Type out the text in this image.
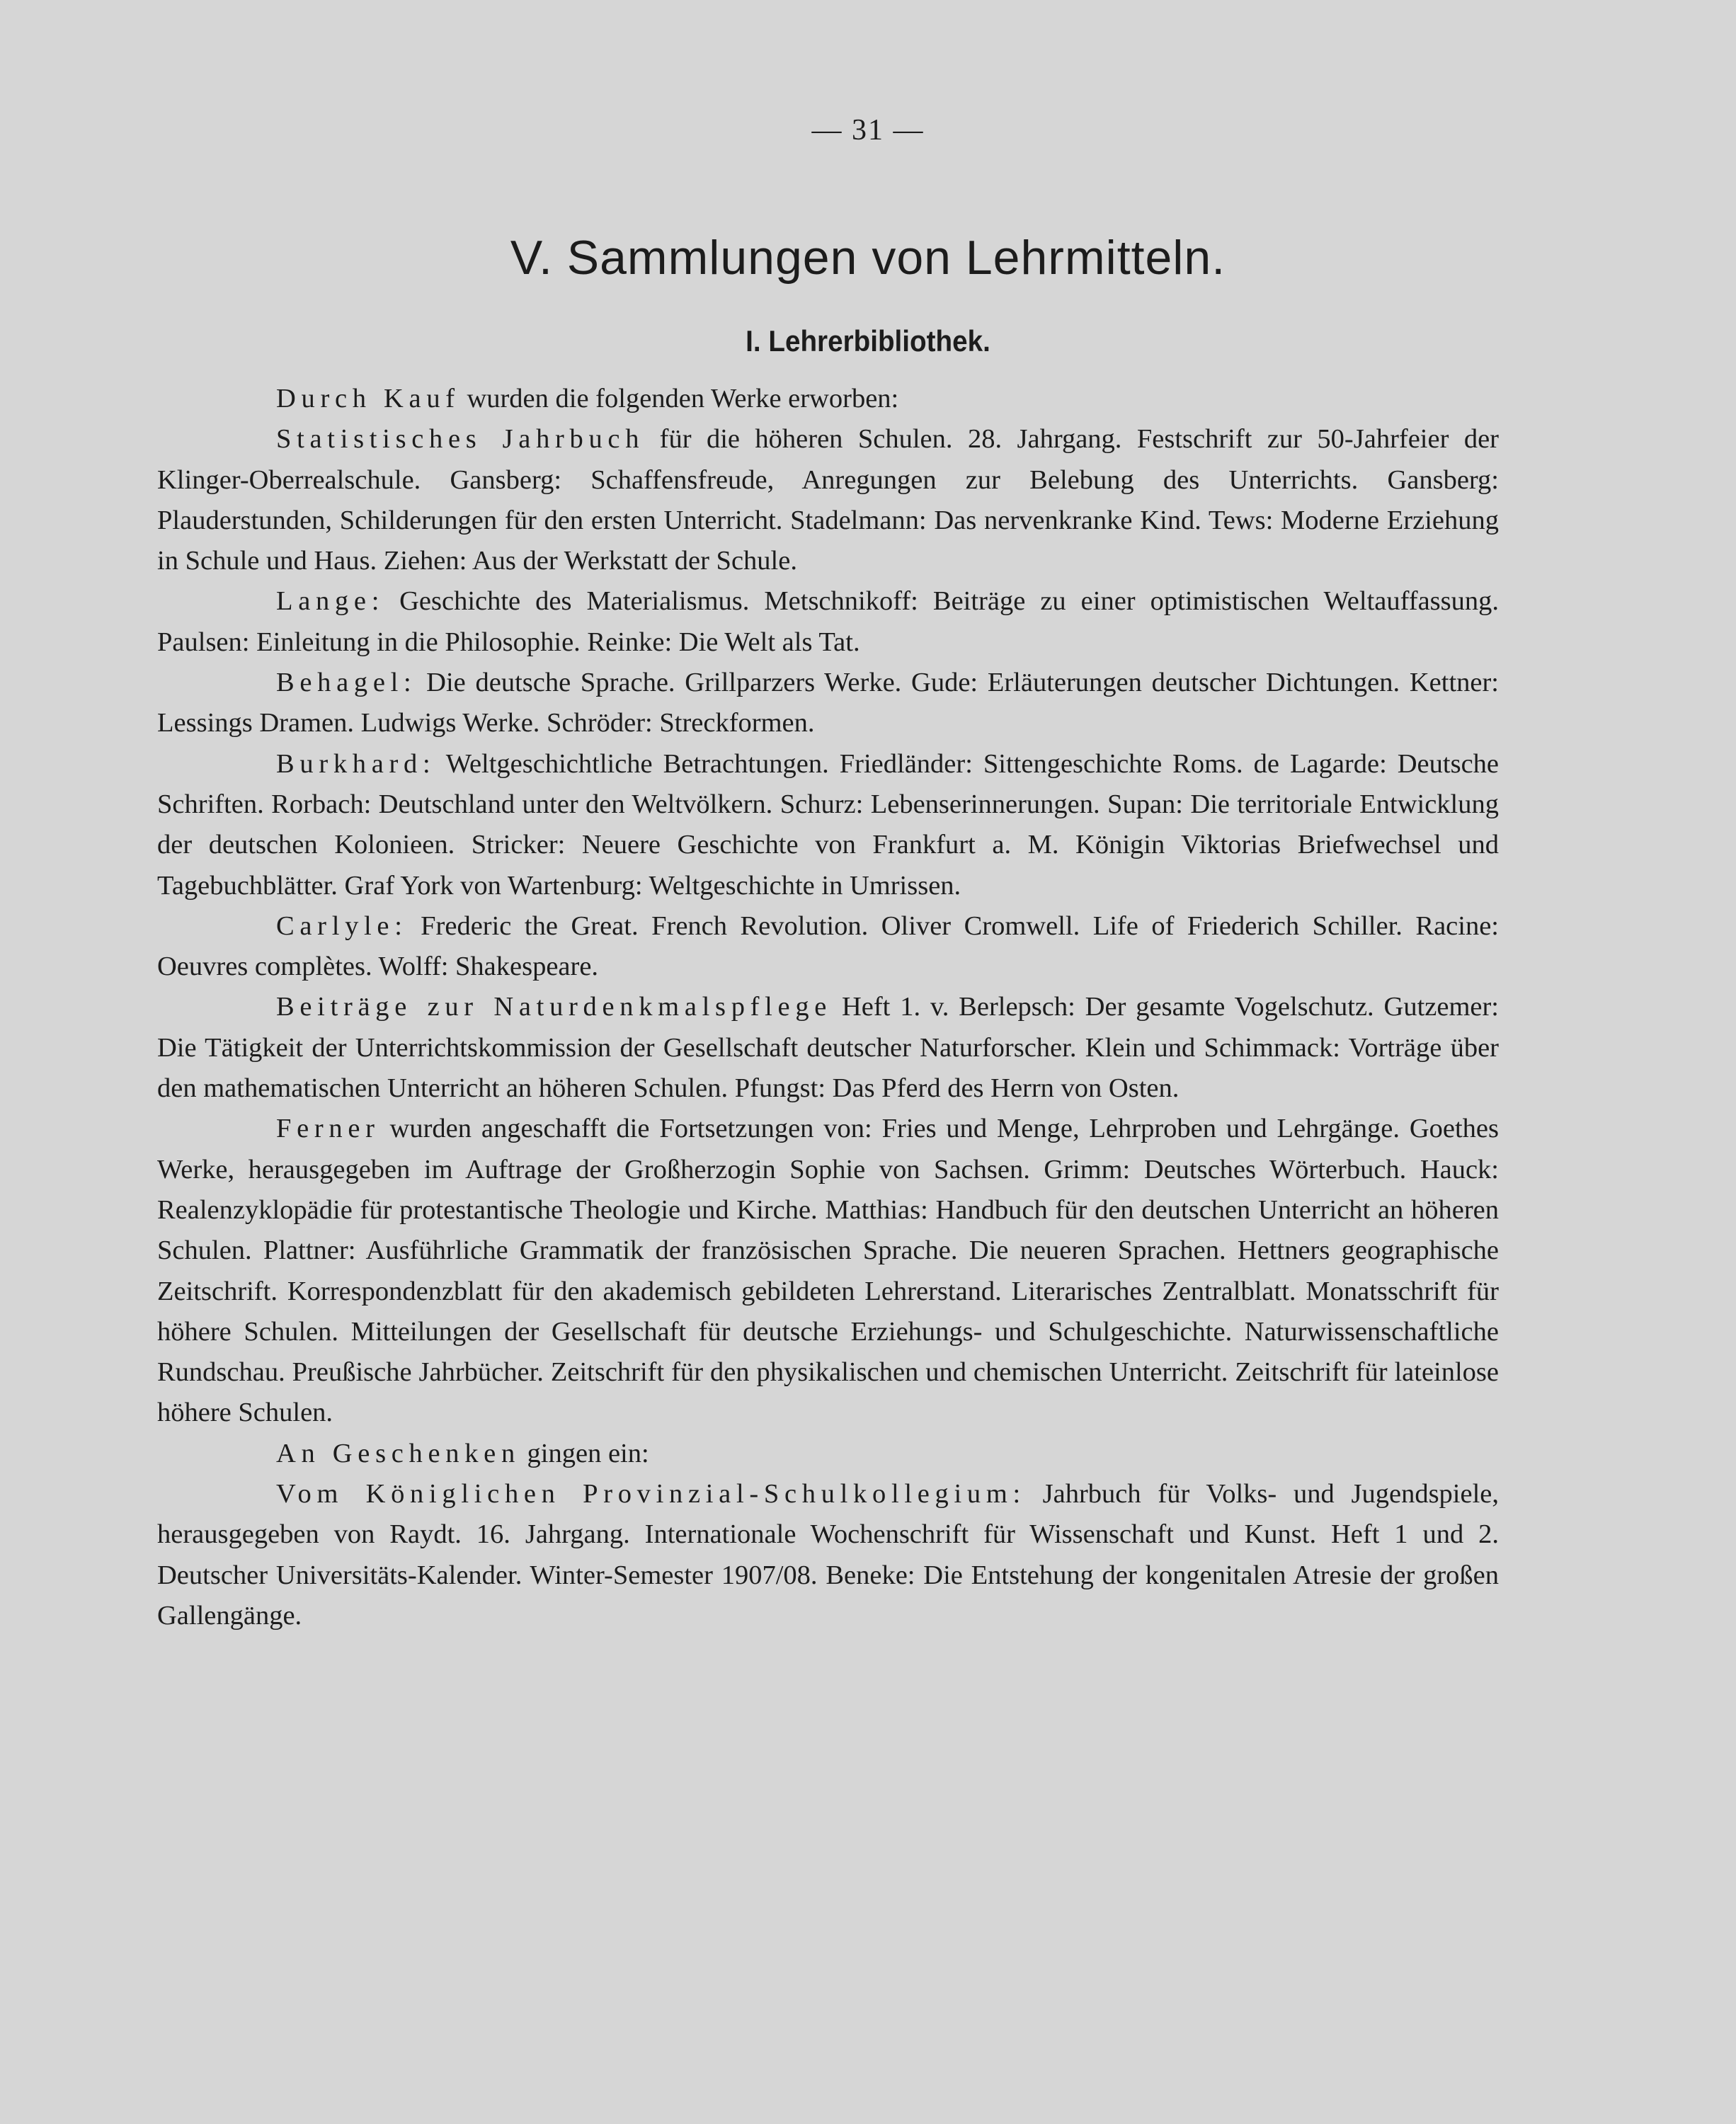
— 31 —
V. Sammlungen von Lehrmitteln.
I. Lehrerbibliothek.

Durch Kauf wurden die folgenden Werke erworben:

Statistisches Jahrbuch für die höheren Schulen. 28. Jahrgang. Festschrift zur 50-Jahrfeier der Klinger-Oberrealschule. Gansberg: Schaffensfreude, Anregungen zur Belebung des Unterrichts. Gansberg: Plauderstunden, Schilderungen für den ersten Unterricht. Stadelmann: Das nervenkranke Kind. Tews: Moderne Erziehung in Schule und Haus. Ziehen: Aus der Werkstatt der Schule.

Lange: Geschichte des Materialismus. Metschnikoff: Beiträge zu einer optimistischen Weltauffassung. Paulsen: Einleitung in die Philosophie. Reinke: Die Welt als Tat.

Behagel: Die deutsche Sprache. Grillparzers Werke. Gude: Erläuterungen deutscher Dichtungen. Kettner: Lessings Dramen. Ludwigs Werke. Schröder: Streckformen.

Burkhard: Weltgeschichtliche Betrachtungen. Friedländer: Sittengeschichte Roms. de Lagarde: Deutsche Schriften. Rorbach: Deutschland unter den Weltvölkern. Schurz: Lebenserinnerungen. Supan: Die territoriale Entwicklung der deutschen Kolonieen. Stricker: Neuere Geschichte von Frankfurt a. M. Königin Viktorias Briefwechsel und Tagebuchblätter. Graf York von Wartenburg: Weltgeschichte in Umrissen.

Carlyle: Frederic the Great. French Revolution. Oliver Cromwell. Life of Friederich Schiller. Racine: Oeuvres complètes. Wolff: Shakespeare.

Beiträge zur Naturdenkmalspflege Heft 1. v. Berlepsch: Der gesamte Vogelschutz. Gutzemer: Die Tätigkeit der Unterrichtskommission der Gesellschaft deutscher Naturforscher. Klein und Schimmack: Vorträge über den mathematischen Unterricht an höheren Schulen. Pfungst: Das Pferd des Herrn von Osten.

Ferner wurden angeschafft die Fortsetzungen von: Fries und Menge, Lehrproben und Lehrgänge. Goethes Werke, herausgegeben im Auftrage der Großherzogin Sophie von Sachsen. Grimm: Deutsches Wörterbuch. Hauck: Realenzyklopädie für protestantische Theologie und Kirche. Matthias: Handbuch für den deutschen Unterricht an höheren Schulen. Plattner: Ausführliche Grammatik der französischen Sprache. Die neueren Sprachen. Hettners geographische Zeitschrift. Korrespondenzblatt für den akademisch gebildeten Lehrerstand. Literarisches Zentralblatt. Monatsschrift für höhere Schulen. Mitteilungen der Gesellschaft für deutsche Erziehungs- und Schulgeschichte. Naturwissenschaftliche Rundschau. Preußische Jahrbücher. Zeitschrift für den physikalischen und chemischen Unterricht. Zeitschrift für lateinlose höhere Schulen.

An Geschenken gingen ein:

Vom Königlichen Provinzial-Schulkollegium: Jahrbuch für Volks- und Jugendspiele, herausgegeben von Raydt. 16. Jahrgang. Internationale Wochenschrift für Wissenschaft und Kunst. Heft 1 und 2. Deutscher Universitäts-Kalender. Winter-Semester 1907/08. Beneke: Die Entstehung der kongenitalen Atresie der großen Gallengänge.
